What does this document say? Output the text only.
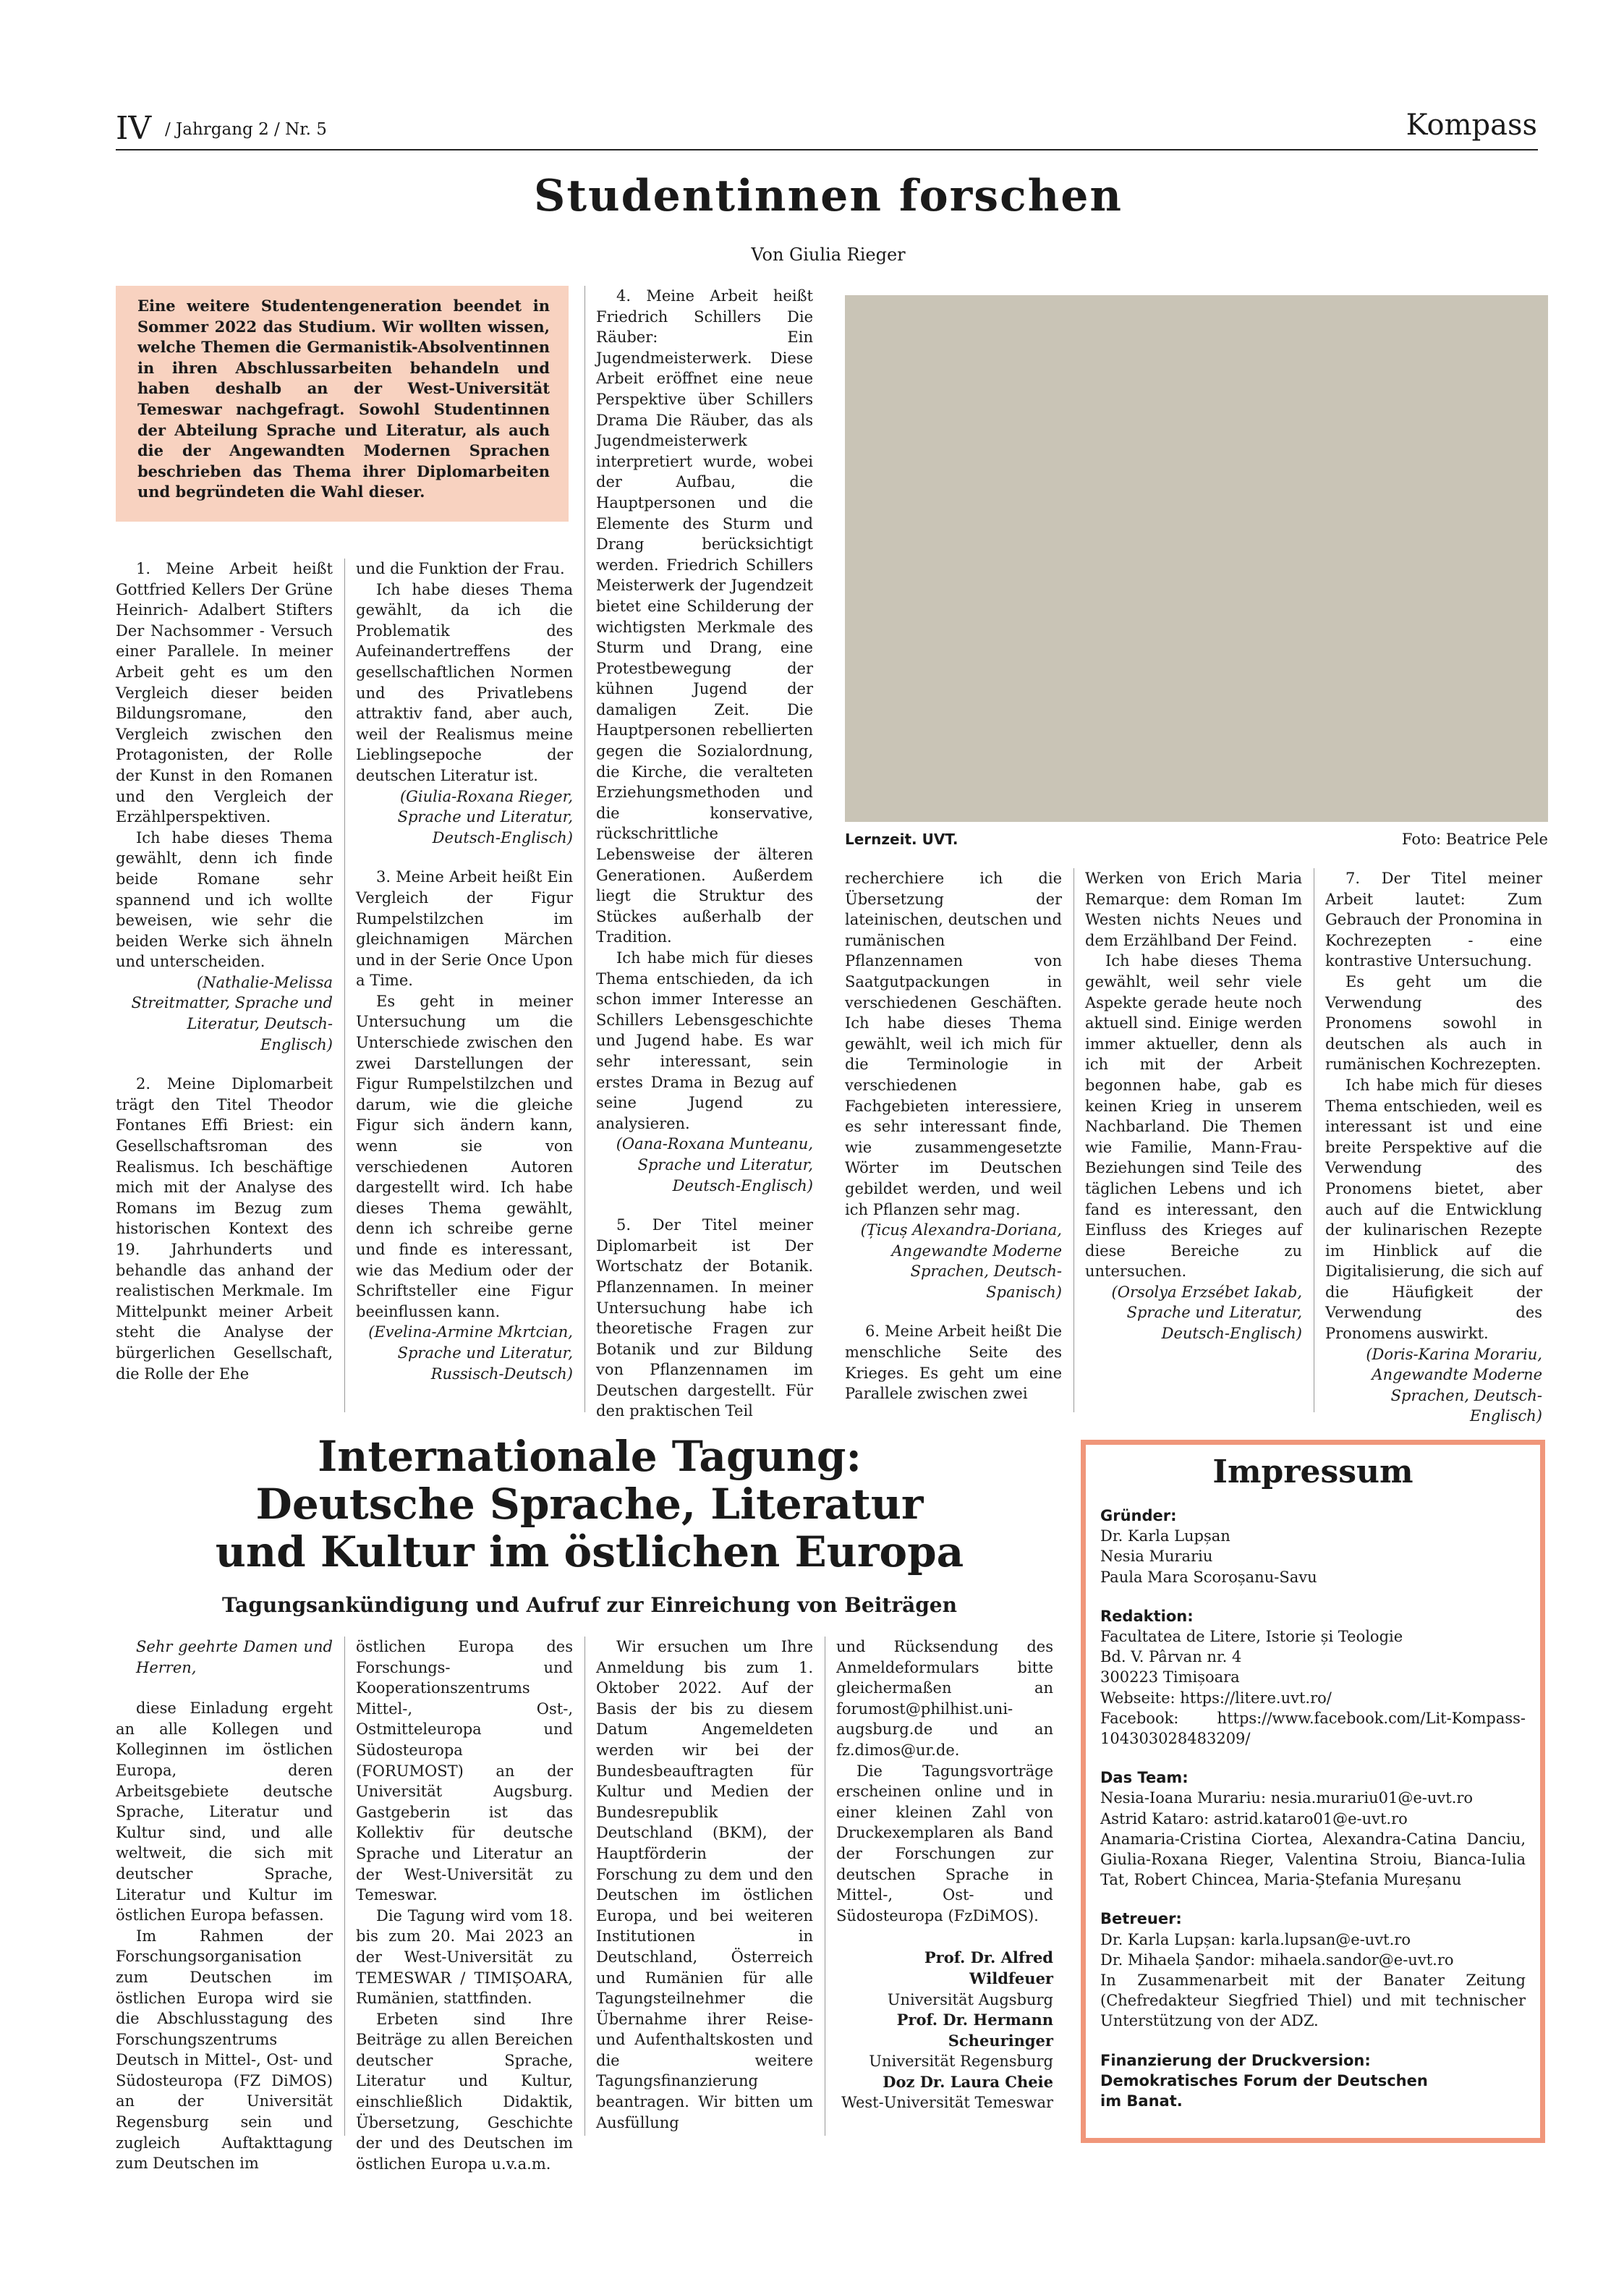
IV / Jahrgang 2 / Nr. 5	Kompass
Studentinnen forschen
Von Giulia Rieger
Eine weitere Studentengeneration beendet in Sommer 2022 das Studium. Wir wollten wissen, welche Themen die Germanistik-Absolventinnen in ihren Abschlussarbeiten behandeln und haben deshalb an der West-Universität Temeswar nachgefragt. Sowohl Studentinnen der Abteilung Sprache und Literatur, als auch die der Angewandten Modernen Sprachen beschrieben das Thema ihrer Diplomarbeiten und begründeten die Wahl dieser.
Lernzeit. UVT.	Foto: Beatrice Pele

1. Meine Arbeit heißt Gottfried Kellers Der Grüne Heinrich- Adalbert Stifters Der Nachsommer - Versuch einer Parallele. In meiner Arbeit geht es um den Vergleich dieser beiden Bildungsromane, den Vergleich zwischen den Protagonisten, der Rolle der Kunst in den Romanen und den Vergleich der Erzählperspektiven.

Ich habe dieses Thema gewählt, denn ich finde beide Romane sehr spannend und ich wollte beweisen, wie sehr die beiden Werke sich ähneln und unterscheiden.

(Nathalie-Melissa Streitmatter, Sprache und Literatur, Deutsch-Englisch)

2. Meine Diplomarbeit trägt den Titel Theodor Fontanes Effi Briest: ein Gesellschaftsroman des Realismus. Ich beschäftige mich mit der Analyse des Romans im Bezug zum historischen Kontext des 19. Jahrhunderts und behandle das anhand der realistischen Merkmale. Im Mittelpunkt meiner Arbeit steht die Analyse der bürgerlichen Gesellschaft, die Rolle der Ehe

und die Funktion der Frau.

Ich habe dieses Thema gewählt, da ich die Problematik des Aufeinandertreffens der gesellschaftlichen Normen und des Privatlebens attraktiv fand, aber auch, weil der Realismus meine Lieblingsepoche der deutschen Literatur ist.

(Giulia-Roxana Rieger, Sprache und Literatur, Deutsch-Englisch)

3. Meine Arbeit heißt Ein Vergleich der Figur Rumpelstilzchen im gleichnamigen Märchen und in der Serie Once Upon a Time.

Es geht in meiner Untersuchung um die Unterschiede zwischen den zwei Darstellungen der Figur Rumpelstilzchen und darum, wie die gleiche Figur sich ändern kann, wenn sie von verschiedenen Autoren dargestellt wird. Ich habe dieses Thema gewählt, denn ich schreibe gerne und finde es interessant, wie das Medium oder der Schriftsteller eine Figur beeinflussen kann.

(Evelina-Armine Mkrtcian, Sprache und Literatur, Russisch-Deutsch)

4. Meine Arbeit heißt Friedrich Schillers Die Räuber: Ein Jugendmeisterwerk. Diese Arbeit eröffnet eine neue Perspektive über Schillers Drama Die Räuber, das als Jugendmeisterwerk interpretiert wurde, wobei der Aufbau, die Hauptpersonen und die Elemente des Sturm und Drang berücksichtigt werden. Friedrich Schillers Meisterwerk der Jugendzeit bietet eine Schilderung der wichtigsten Merkmale des Sturm und Drang, eine Protestbewegung der kühnen Jugend der damaligen Zeit. Die Hauptpersonen rebellierten gegen die Sozialordnung, die Kirche, die veralteten Erziehungsmethoden und die konservative, rückschrittliche Lebensweise der älteren Generationen. Außerdem liegt die Struktur des Stückes außerhalb der Tradition.

Ich habe mich für dieses Thema entschieden, da ich schon immer Interesse an Schillers Lebensgeschichte und Jugend habe. Es war sehr interessant, sein erstes Drama in Bezug auf seine Jugend zu analysieren.

(Oana-Roxana Munteanu, Sprache und Literatur, Deutsch-Englisch)

5. Der Titel meiner Diplomarbeit ist Der Wortschatz der Botanik. Pflanzennamen. In meiner Untersuchung habe ich theoretische Fragen zur Botanik und zur Bildung von Pflanzennamen im Deutschen dargestellt. Für den praktischen Teil

recherchiere ich die Übersetzung der lateinischen, deutschen und rumänischen Pflanzennamen von Saatgutpackungen in verschiedenen Geschäften. Ich habe dieses Thema gewählt, weil ich mich für die Terminologie in verschiedenen Fachgebieten interessiere, es sehr interessant finde, wie zusammengesetzte Wörter im Deutschen gebildet werden, und weil ich Pflanzen sehr mag.

(Țicuș Alexandra-Doriana, Angewandte Moderne Sprachen, Deutsch-Spanisch)

6. Meine Arbeit heißt Die menschliche Seite des Krieges. Es geht um eine Parallele zwischen zwei

Werken von Erich Maria Remarque: dem Roman Im Westen nichts Neues und dem Erzählband Der Feind.

Ich habe dieses Thema gewählt, weil sehr viele Aspekte gerade heute noch aktuell sind. Einige werden immer aktueller, denn als ich mit der Arbeit begonnen habe, gab es keinen Krieg in unserem Nachbarland. Die Themen wie Familie, Mann-Frau-Beziehungen sind Teile des täglichen Lebens und ich fand es interessant, den Einfluss des Krieges auf diese Bereiche zu untersuchen.

(Orsolya Erzsébet Iakab, Sprache und Literatur, Deutsch-Englisch)

7. Der Titel meiner Arbeit lautet: Zum Gebrauch der Pronomina in Kochrezepten - eine kontrastive Untersuchung.

Es geht um die Verwendung des Pronomens sowohl in deutschen als auch in rumänischen Kochrezepten.

Ich habe mich für dieses Thema entschieden, weil es interessant ist und eine breite Perspektive auf die Verwendung des Pronomens bietet, aber auch auf die Entwicklung der kulinarischen Rezepte im Hinblick auf die Digitalisierung, die sich auf die Häufigkeit der Verwendung des Pronomens auswirkt.

(Doris-Karina Morariu, Angewandte Moderne Sprachen, Deutsch-Englisch)

Internationale Tagung:
Deutsche Sprache, Literatur
und Kultur im östlichen Europa
Tagungsankündigung und Aufruf zur Einreichung von Beiträgen

Sehr geehrte Damen und Herren,

diese Einladung ergeht an alle Kollegen und Kolleginnen im östlichen Europa, deren Arbeitsgebiete deutsche Sprache, Literatur und Kultur sind, und alle weltweit, die sich mit deutscher Sprache, Literatur und Kultur im östlichen Europa befassen.

Im Rahmen der Forschungsorganisation zum Deutschen im östlichen Europa wird sie die Abschlusstagung des Forschungszentrums Deutsch in Mittel-, Ost- und Südosteuropa (FZ DiMOS) an der Universität Regensburg sein und zugleich Auftakttagung zum Deutschen im

östlichen Europa des Forschungs- und Kooperationszentrums Mittel-, Ost-, Ostmitteleuropa und Südosteuropa (FORUMOST) an der Universität Augsburg. Gastgeberin ist das Kollektiv für deutsche Sprache und Literatur an der West-Universität zu Temeswar.

Die Tagung wird vom 18. bis zum 20. Mai 2023 an der West-Universität zu TEMESWAR / TIMIȘOARA, Rumänien, stattfinden.

Erbeten sind Ihre Beiträge zu allen Bereichen deutscher Sprache, Literatur und Kultur, einschließlich Didaktik, Übersetzung, Geschichte der und des Deutschen im östlichen Europa u.v.a.m.

Wir ersuchen um Ihre Anmeldung bis zum 1. Oktober 2022. Auf der Basis der bis zu diesem Datum Angemeldeten werden wir bei der Bundesbeauftragten für Kultur und Medien der Bundesrepublik Deutschland (BKM), der Hauptförderin der Forschung zu dem und den Deutschen im östlichen Europa, und bei weiteren Institutionen in Deutschland, Österreich und Rumänien für alle Tagungsteilnehmer die Übernahme ihrer Reise- und Aufenthaltskosten und die weitere Tagungsfinanzierung beantragen. Wir bitten um Ausfüllung

und Rücksendung des Anmeldeformulars bitte gleichermaßen an forumost@philhist.uni-augsburg.de und an fz.dimos@ur.de.

Die Tagungsvorträge erscheinen online und in einer kleinen Zahl von Druckexemplaren als Band der Forschungen zur deutschen Sprache in Mittel-, Ost- und Südosteuropa (FzDiMOS).

Prof. Dr. Alfred Wildfeuer

Universität Augsburg

Prof. Dr. Hermann Scheuringer

Universität Regensburg

Doz Dr. Laura Cheie

West-Universität Temeswar

Impressum

Gründer:

Dr. Karla Lupșan

Nesia Murariu

Paula Mara Scoroșanu-Savu

Redaktion:

Facultatea de Litere, Istorie și Teologie

Bd. V. Pârvan nr. 4

300223 Timișoara

Webseite: https://litere.uvt.ro/

Facebook: https://www.facebook.com/Lit-Kompass-104303028483209/

Das Team:

Nesia-Ioana Murariu: nesia.murariu01@e-uvt.ro

Astrid Kataro: astrid.kataro01@e-uvt.ro

Anamaria-Cristina Ciortea, Alexandra-Catina Danciu, Giulia-Roxana Rieger, Valentina Stroiu, Bianca-Iulia Tat, Robert Chincea, Maria-Ștefania Mureșanu

Betreuer:

Dr. Karla Lupșan: karla.lupsan@e-uvt.ro

Dr. Mihaela Șandor: mihaela.sandor@e-uvt.ro

In Zusammenarbeit mit der Banater Zeitung (Chefredakteur Siegfried Thiel) und mit technischer Unterstützung von der ADZ.

Finanzierung der Druckversion: Demokratisches Forum der Deutschen im Banat.
